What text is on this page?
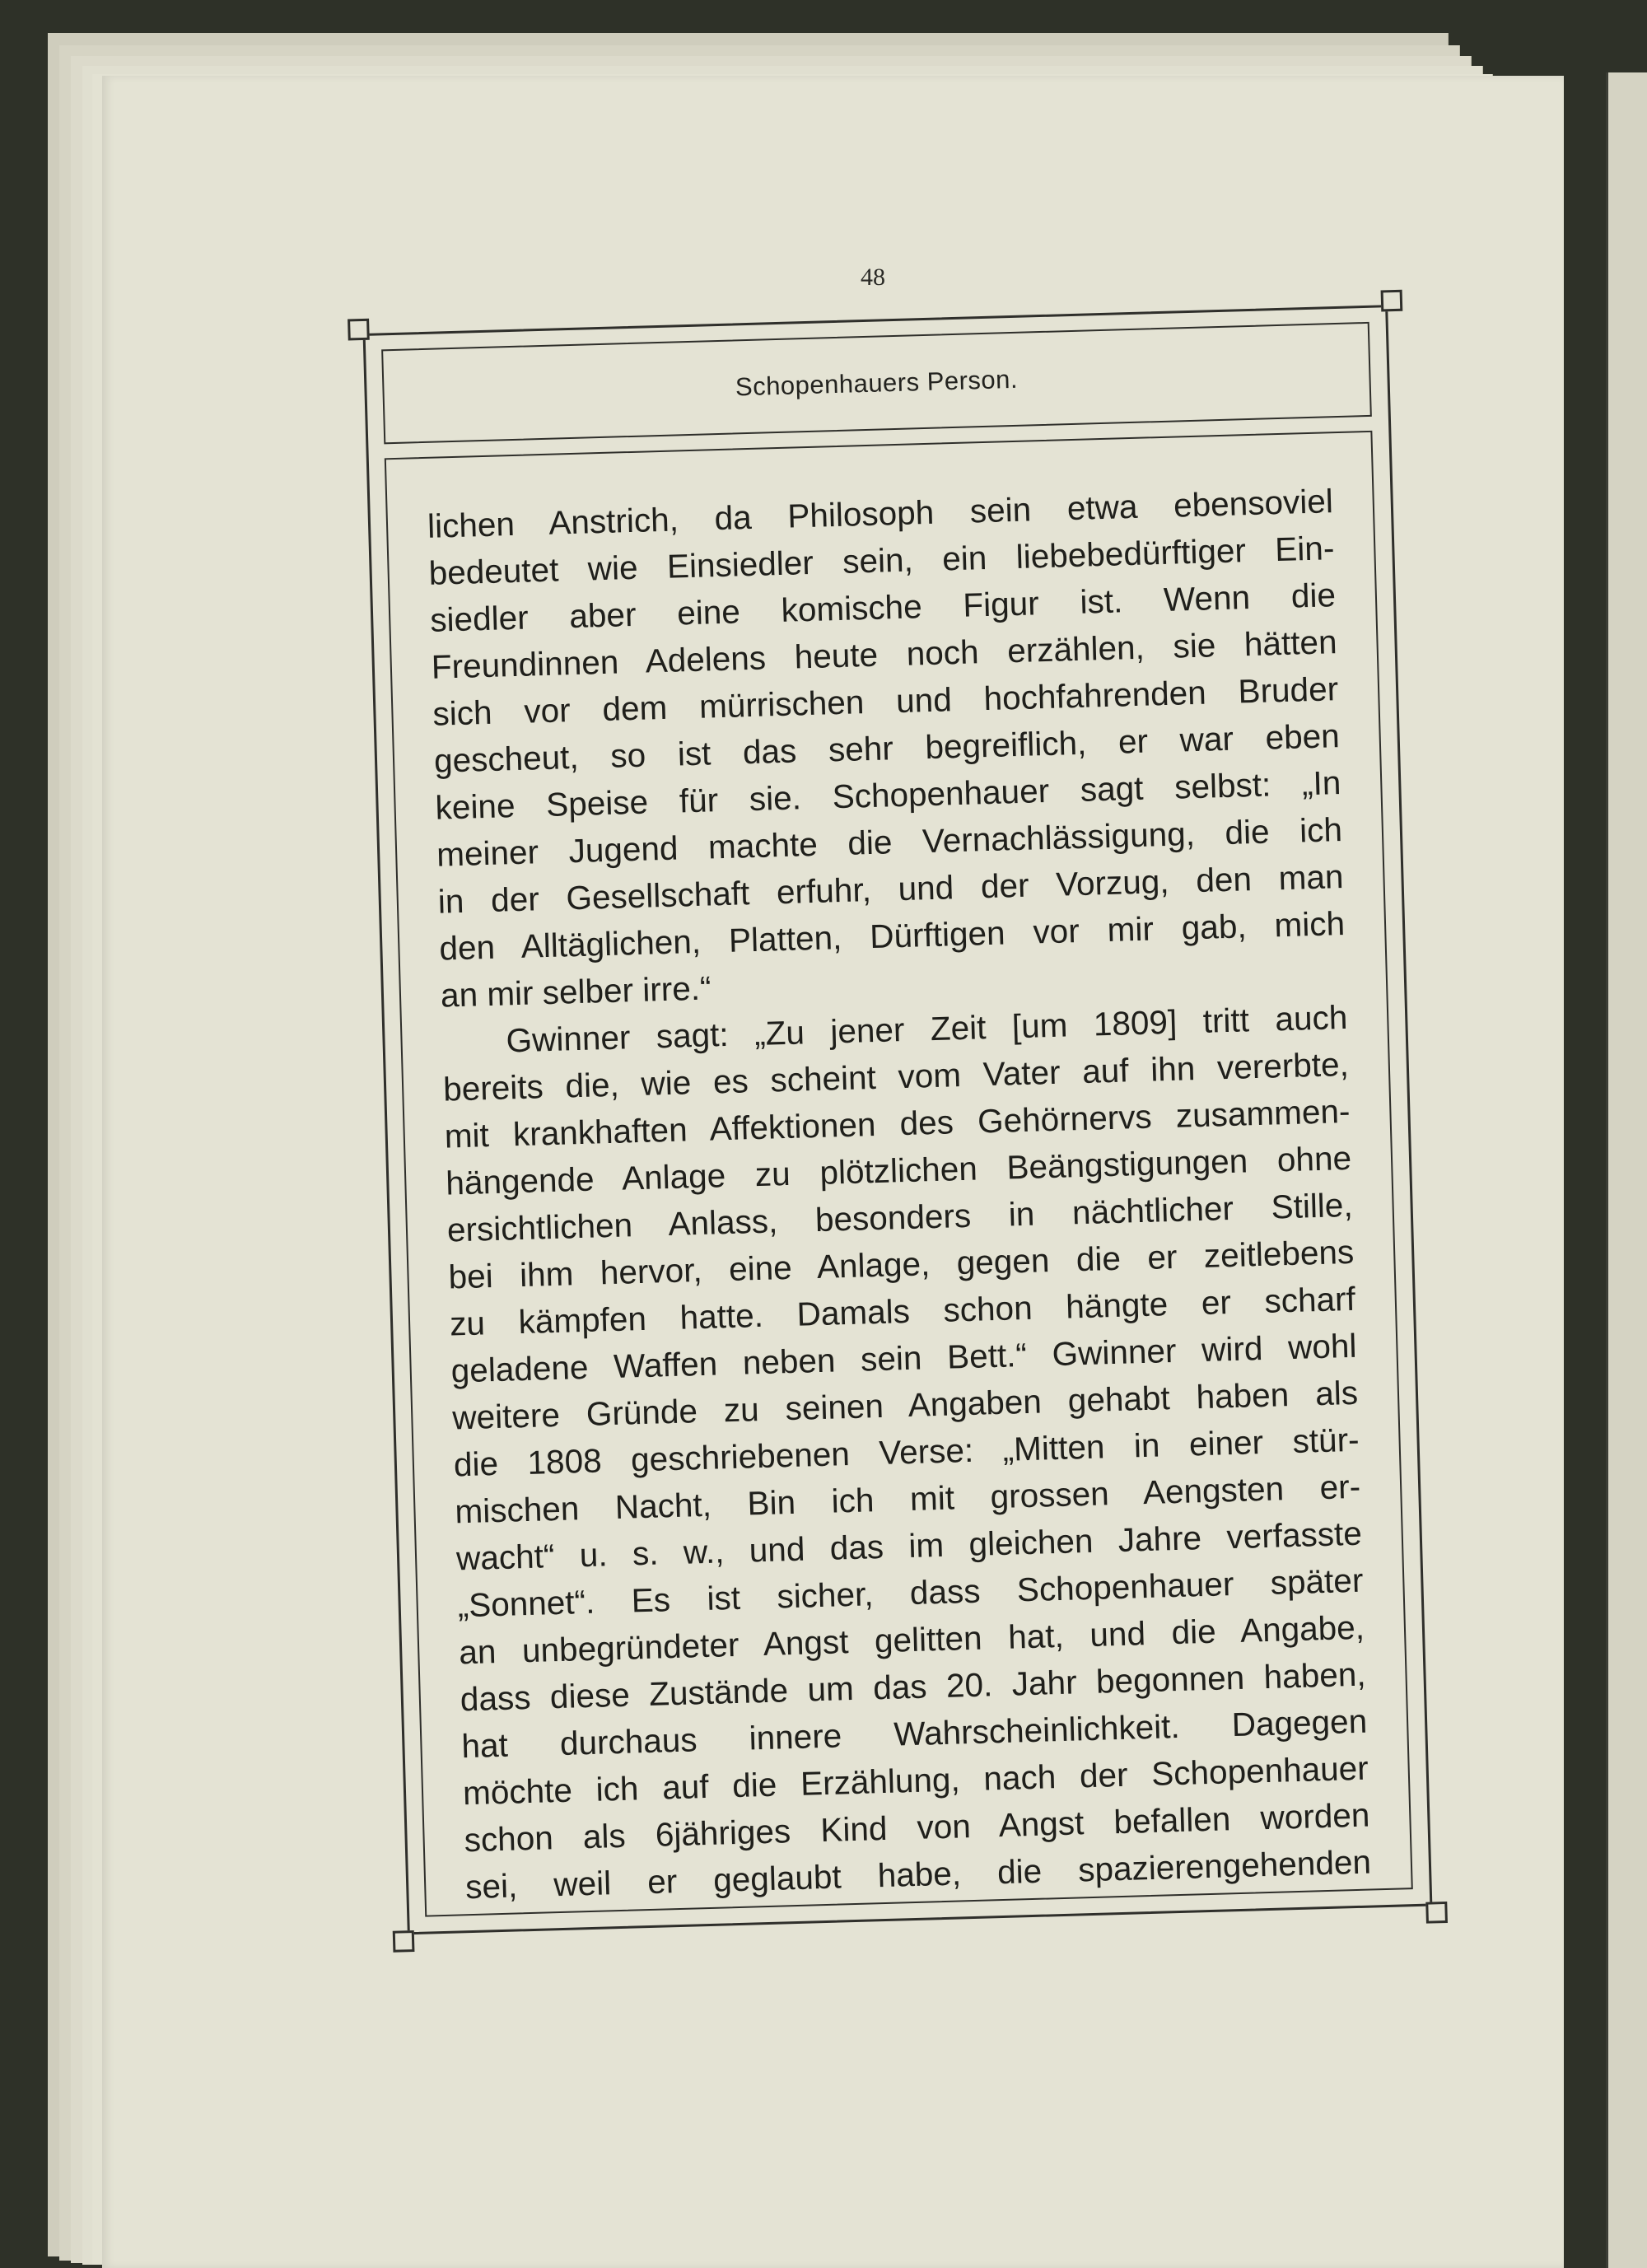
48
Schopenhauers Person.
lichen Anstrich, da Philosoph sein etwa ebensoviel
bedeutet wie Einsiedler sein, ein liebebedürftiger Ein-
siedler aber eine komische Figur ist. Wenn die
Freundinnen Adelens heute noch erzählen, sie hätten
sich vor dem mürrischen und hochfahrenden Bruder
gescheut, so ist das sehr begreiflich, er war eben
keine Speise für sie. Schopenhauer sagt selbst: „In
meiner Jugend machte die Vernachlässigung, die ich
in der Gesellschaft erfuhr, und der Vorzug, den man
den Alltäglichen, Platten, Dürftigen vor mir gab, mich
an mir selber irre.“
Gwinner sagt: „Zu jener Zeit [um 1809] tritt auch
bereits die, wie es scheint vom Vater auf ihn vererbte,
mit krankhaften Affektionen des Gehörnervs zusammen-
hängende Anlage zu plötzlichen Beängstigungen ohne
ersichtlichen Anlass, besonders in nächtlicher Stille,
bei ihm hervor, eine Anlage, gegen die er zeitlebens
zu kämpfen hatte. Damals schon hängte er scharf
geladene Waffen neben sein Bett.“ Gwinner wird wohl
weitere Gründe zu seinen Angaben gehabt haben als
die 1808 geschriebenen Verse: „Mitten in einer stür-
mischen Nacht, Bin ich mit grossen Aengsten er-
wacht“ u. s. w., und das im gleichen Jahre verfasste
„Sonnet“. Es ist sicher, dass Schopenhauer später
an unbegründeter Angst gelitten hat, und die Angabe,
dass diese Zustände um das 20. Jahr begonnen haben,
hat durchaus innere Wahrscheinlichkeit. Dagegen
möchte ich auf die Erzählung, nach der Schopenhauer
schon als 6jähriges Kind von Angst befallen worden
sei, weil er geglaubt habe, die spazierengehenden
